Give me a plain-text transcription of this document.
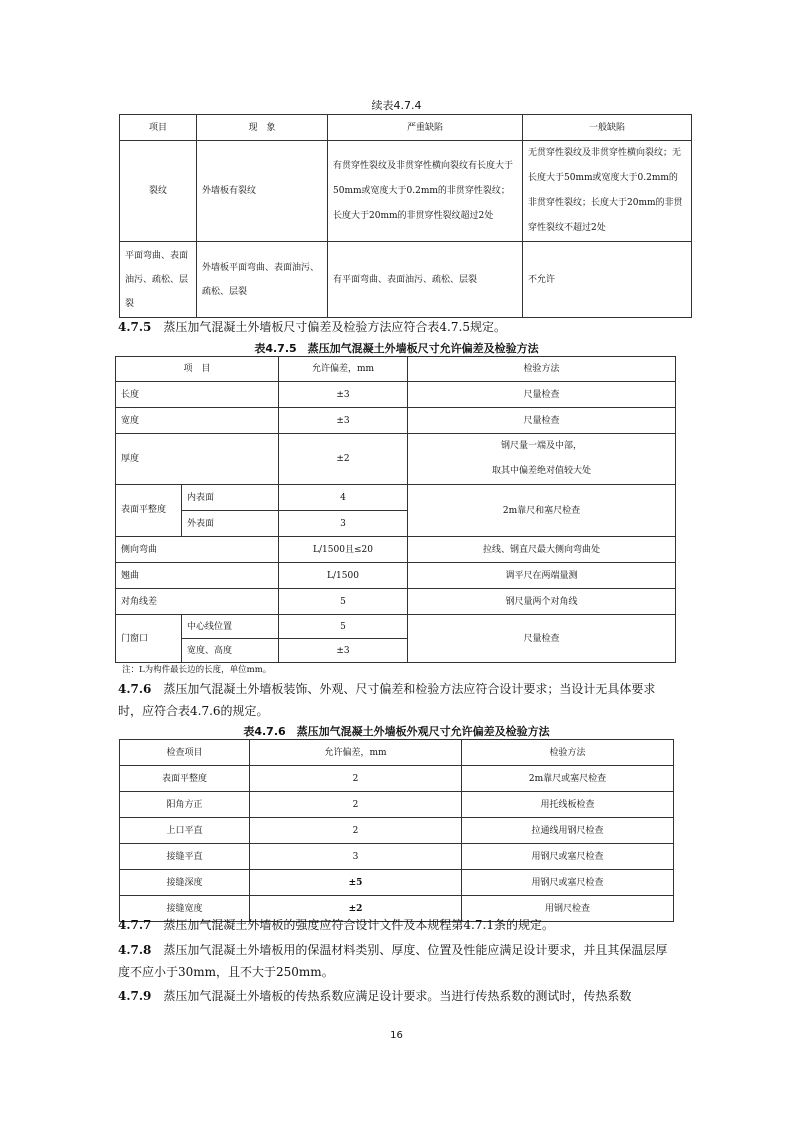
续表4.7.4
项目	现　象	严重缺陷	一般缺陷
裂纹	外墙板有裂纹	有贯穿性裂纹及非贯穿性横向裂纹有长度大于50mm或宽度大于0.2mm的非贯穿性裂纹；长度大于20mm的非贯穿性裂纹超过2处	无贯穿性裂纹及非贯穿性横向裂纹；无长度大于50mm或宽度大于0.2mm的非贯穿性裂纹；长度大于20mm的非贯穿性裂纹不超过2处
平面弯曲、表面油污、疏松、层裂	外墙板平面弯曲、表面油污、疏松、层裂	有平面弯曲、表面油污、疏松、层裂	不允许

4.7.5　 蒸压加气混凝土外墙板尺寸偏差及检验方法应符合表4.7.5规定。

表4.7.5　蒸压加气混凝土外墙板尺寸允许偏差及检验方法
项　目		允许偏差，mm	检验方法
长度		±3	尺量检查
宽度		±3	尺量检查
厚度		±2	钢尺量一端及中部，
取其中偏差绝对值较大处
表面平整度	内表面	4	2m靠尺和塞尺检查
	外表面	3	
侧向弯曲		L/1500且≤20	拉线、钢直尺最大侧向弯曲处
翘曲		L/1500	调平尺在两端量测
对角线差		5	钢尺量两个对角线
门窗口	中心线位置	5	尺量检查
	宽度、高度	±3	
注：L为构件最长边的长度，单位mm。

4.7.6　 蒸压加气混凝土外墙板装饰、外观、尺寸偏差和检验方法应符合设计要求；当设计无具体要求时，应符合表4.7.6的规定。

表4.7.6　蒸压加气混凝土外墙板外观尺寸允许偏差及检验方法
检查项目	允许偏差，mm	检验方法
表面平整度	2	2m靠尺或塞尺检查
阳角方正	2	用托线板检查
上口平直	2	拉通线用钢尺检查
接缝平直	3	用钢尺或塞尺检查
接缝深度	±5	用钢尺或塞尺检查
接缝宽度	±2	用钢尺检查

4.7.7　 蒸压加气混凝土外墙板的强度应符合设计文件及本规程第4.7.1条的规定。

4.7.8　 蒸压加气混凝土外墙板用的保温材料类别、厚度、位置及性能应满足设计要求，并且其保温层厚度不应小于30mm，且不大于250mm。

4.7.9　 蒸压加气混凝土外墙板的传热系数应满足设计要求。当进行传热系数的测试时，传热系数

16
